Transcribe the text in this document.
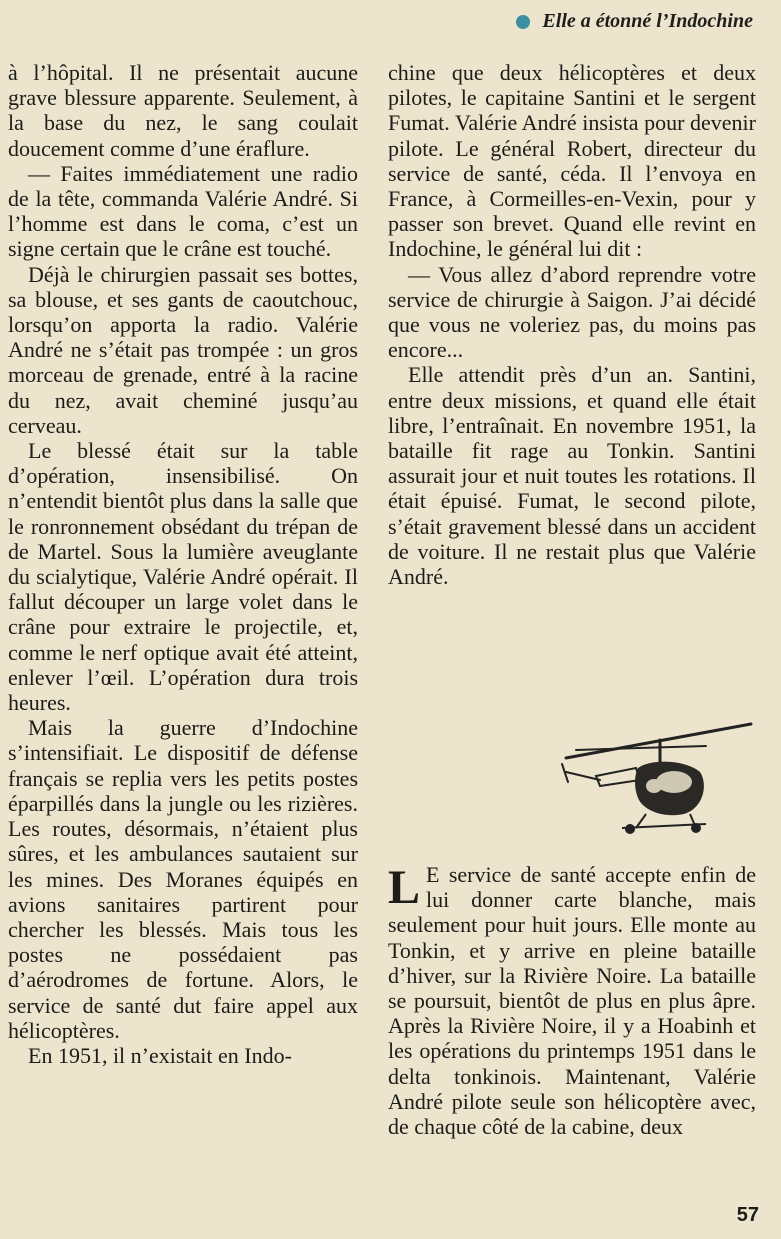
Elle a étonné l’Indochine

à l’hôpital. Il ne présentait aucune grave blessure apparente. Seulement, à la base du nez, le sang coulait doucement comme d’une éraflure.

— Faites immédiatement une radio de la tête, commanda Valérie André. Si l’homme est dans le coma, c’est un signe certain que le crâne est touché.

Déjà le chirurgien passait ses bottes, sa blouse, et ses gants de caoutchouc, lorsqu’on apporta la radio. Valérie André ne s’était pas trompée : un gros morceau de grenade, entré à la racine du nez, avait cheminé jusqu’au cerveau.

Le blessé était sur la table d’opération, insensibilisé. On n’entendit bientôt plus dans la salle que le ronronnement obsédant du trépan de de Martel. Sous la lumière aveuglante du scialytique, Valérie André opérait. Il fallut découper un large volet dans le crâne pour extraire le projectile, et, comme le nerf optique avait été atteint, enlever l’œil. L’opération dura trois heures.

Mais la guerre d’Indochine s’intensifiait. Le dispositif de défense français se replia vers les petits postes éparpillés dans la jungle ou les rizières. Les routes, désormais, n’étaient plus sûres, et les ambulances sautaient sur les mines. Des Moranes équipés en avions sanitaires partirent pour chercher les blessés. Mais tous les postes ne possédaient pas d’aérodromes de fortune. Alors, le service de santé dut faire appel aux hélicoptères.

En 1951, il n’existait en Indo-

chine que deux hélicoptères et deux pilotes, le capitaine Santini et le sergent Fumat. Valérie André insista pour devenir pilote. Le général Robert, directeur du service de santé, céda. Il l’envoya en France, à Cormeilles-en-Vexin, pour y passer son brevet. Quand elle revint en Indochine, le général lui dit :

— Vous allez d’abord reprendre votre service de chirurgie à Saigon. J’ai décidé que vous ne voleriez pas, du moins pas encore...

Elle attendit près d’un an. Santini, entre deux missions, et quand elle était libre, l’entraînait. En novembre 1951, la bataille fit rage au Tonkin. Santini assurait jour et nuit toutes les rotations. Il était épuisé. Fumat, le second pilote, s’était gravement blessé dans un accident de voiture. Il ne restait plus que Valérie André.

L E service de santé accepte enfin de lui donner carte blanche, mais seulement pour huit jours. Elle monte au Tonkin, et y arrive en pleine bataille d’hiver, sur la Rivière Noire. La bataille se poursuit, bientôt de plus en plus âpre. Après la Rivière Noire, il y a Hoabinh et les opérations du printemps 1951 dans le delta tonkinois. Maintenant, Valérie André pilote seule son hélicoptère avec, de chaque côté de la cabine, deux

57
